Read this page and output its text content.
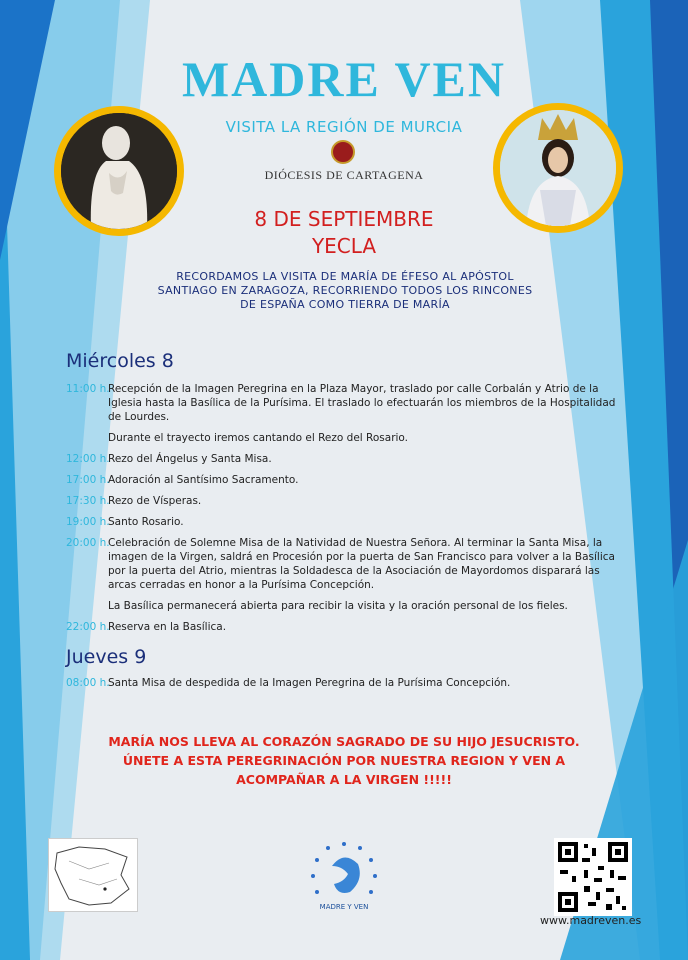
MADRE VEN
VISITA LA REGIÓN DE MURCIA
DIÓCESIS DE CARTAGENA
8 DE SEPTIEMBRE
YECLA
RECORDAMOS LA VISITA DE MARÍA DE ÉFESO AL APÓSTOL SANTIAGO EN ZARAGOZA, RECORRIENDO TODOS LOS RINCONES DE ESPAÑA COMO TIERRA DE MARÍA
Miércoles 8
11:00 h.
Recepción de la Imagen Peregrina en la Plaza Mayor, traslado por calle Corbalán y Atrio de la Iglesia hasta la Basílica de la Purísima. El traslado lo efectuarán los miembros de la Hospitalidad de Lourdes.
Durante el trayecto iremos cantando el Rezo del Rosario.
12:00 h.
Rezo del Ángelus y Santa Misa.
17:00 h.
Adoración al Santísimo Sacramento.
17:30 h.
Rezo de Vísperas.
19:00 h.
Santo Rosario.
20:00 h.
Celebración de Solemne Misa de la Natividad de Nuestra Señora. Al terminar la Santa Misa, la imagen de la Virgen, saldrá en Procesión por la puerta de San Francisco para volver a la Basílica por la puerta del Atrio, mientras la Soldadesca de la Asociación de Mayordomos disparará las arcas cerradas en honor a la Purísima Concepción.
La Basílica permanecerá abierta para recibir la visita y la oración personal de los fieles.
22:00 h.
Reserva en la Basílica.
Jueves 9
08:00 h.
Santa Misa de despedida de la Imagen Peregrina de la Purísima Concepción.
MARÍA NOS LLEVA AL CORAZÓN SAGRADO DE SU HIJO JESUCRISTO.
ÚNETE A ESTA PEREGRINACIÓN POR NUESTRA REGION Y VEN A
ACOMPAÑAR A LA VIRGEN !!!!!
MADRE Y VEN
www.madreven.es
